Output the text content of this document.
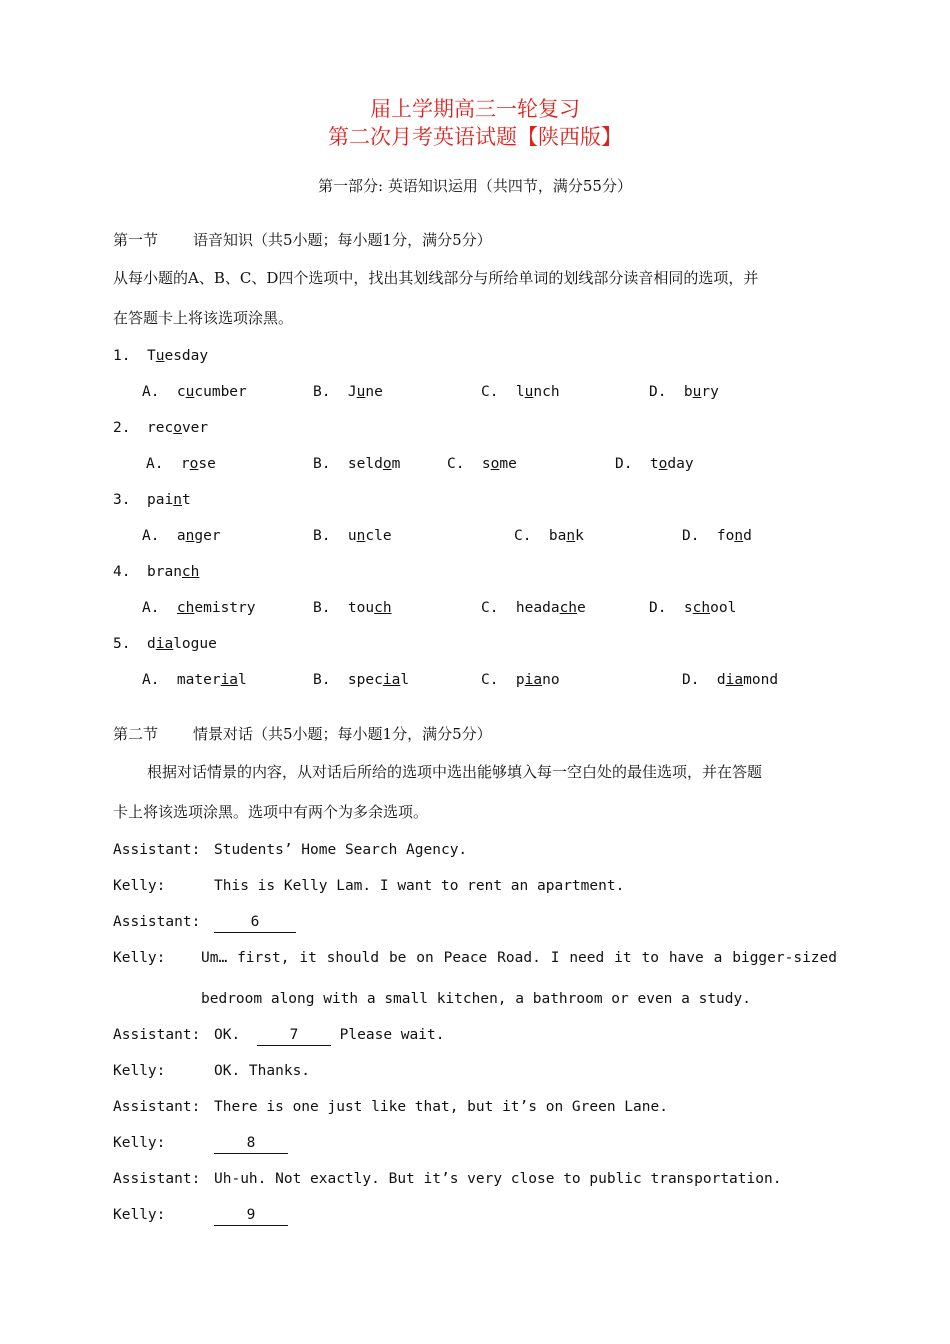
届上学期高三一轮复习
第二次月考英语试题【陕西版】
第一部分: 英语知识运用（共四节，满分55分）
第一节 语音知识（共5小题；每小题1分，满分5分）
从每小题的A、B、C、D四个选项中，找出其划线部分与所给单词的划线部分读音相同的选项，并
在答题卡上将该选项涂黑。
1. Tuesday
A.  cucumber	B.  June	C.  lunch	D.  bury
2. recover
A.  rose	B.  seldom	C.  some	D.  today
3. paint
A.  anger	B.  uncle	C.  bank	D.  fond
4. branch
A.  chemistry	B.  touch	C.  headache	D.  school
5. dialogue
A.  material	B.  special	C.  piano	D.  diamond
第二节 情景对话（共5小题；每小题1分，满分5分）
根据对话情景的内容，从对话后所给的选项中选出能够填入每一空白处的最佳选项，并在答题
卡上将该选项涂黑。选项中有两个为多余选项。
Assistant: Students’ Home Search Agency.
Kelly:	This is Kelly Lam. I want to rent an apartment.
Assistant:	6
Kelly: Um… first, it should be on Peace Road. I need it to have a bigger-sized
bedroom along with a small kitchen, a bathroom or even a study.
Assistant: OK.	7 Please wait.
Kelly:	OK. Thanks.
Assistant: There is one just like that, but it’s on Green Lane.
Kelly:	8
Assistant: Uh-uh. Not exactly. But it’s very close to public transportation.
Kelly:	9
